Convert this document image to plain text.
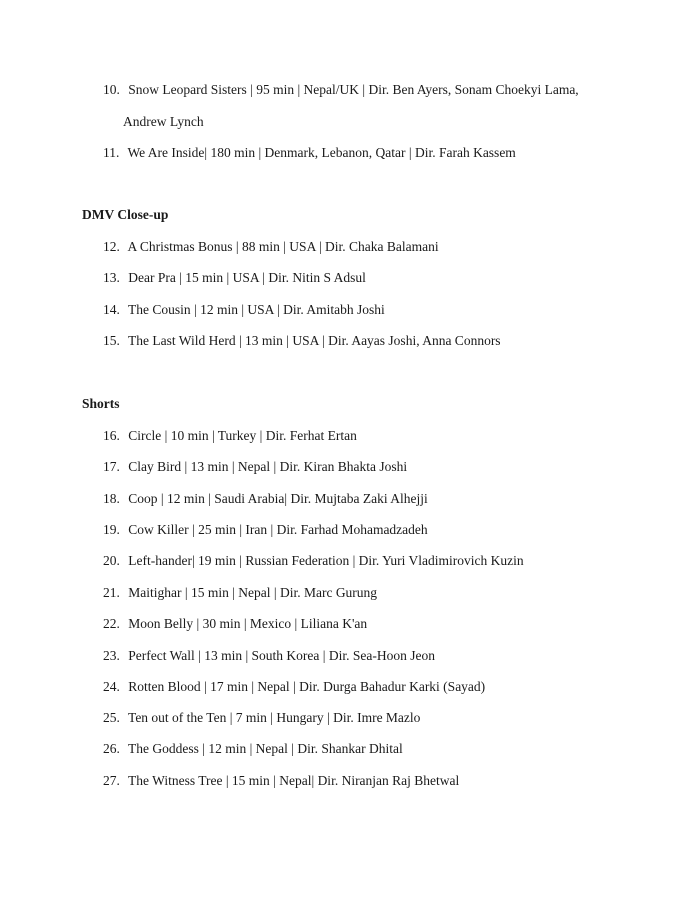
10. Snow Leopard Sisters | 95 min | Nepal/UK | Dir. Ben Ayers, Sonam Choekyi Lama,
Andrew Lynch
11. We Are Inside| 180 min | Denmark, Lebanon, Qatar | Dir. Farah Kassem
DMV Close-up
12. A Christmas Bonus | 88 min | USA | Dir. Chaka Balamani
13. Dear Pra | 15 min | USA | Dir. Nitin S Adsul
14. The Cousin | 12 min | USA | Dir. Amitabh Joshi
15. The Last Wild Herd | 13 min | USA | Dir. Aayas Joshi, Anna Connors
Shorts
16. Circle | 10 min | Turkey | Dir. Ferhat Ertan
17. Clay Bird | 13 min | Nepal | Dir. Kiran Bhakta Joshi
18. Coop | 12 min | Saudi Arabia| Dir. Mujtaba Zaki Alhejji
19. Cow Killer | 25 min | Iran | Dir. Farhad Mohamadzadeh
20. Left-hander| 19 min | Russian Federation | Dir. Yuri Vladimirovich Kuzin
21. Maitighar | 15 min | Nepal | Dir. Marc Gurung
22. Moon Belly | 30 min | Mexico | Liliana K'an
23. Perfect Wall | 13 min | South Korea | Dir. Sea-Hoon Jeon
24. Rotten Blood | 17 min | Nepal | Dir. Durga Bahadur Karki (Sayad)
25. Ten out of the Ten | 7 min | Hungary | Dir. Imre Mazlo
26. The Goddess | 12 min | Nepal | Dir. Shankar Dhital
27. The Witness Tree | 15 min | Nepal| Dir. Niranjan Raj Bhetwal
